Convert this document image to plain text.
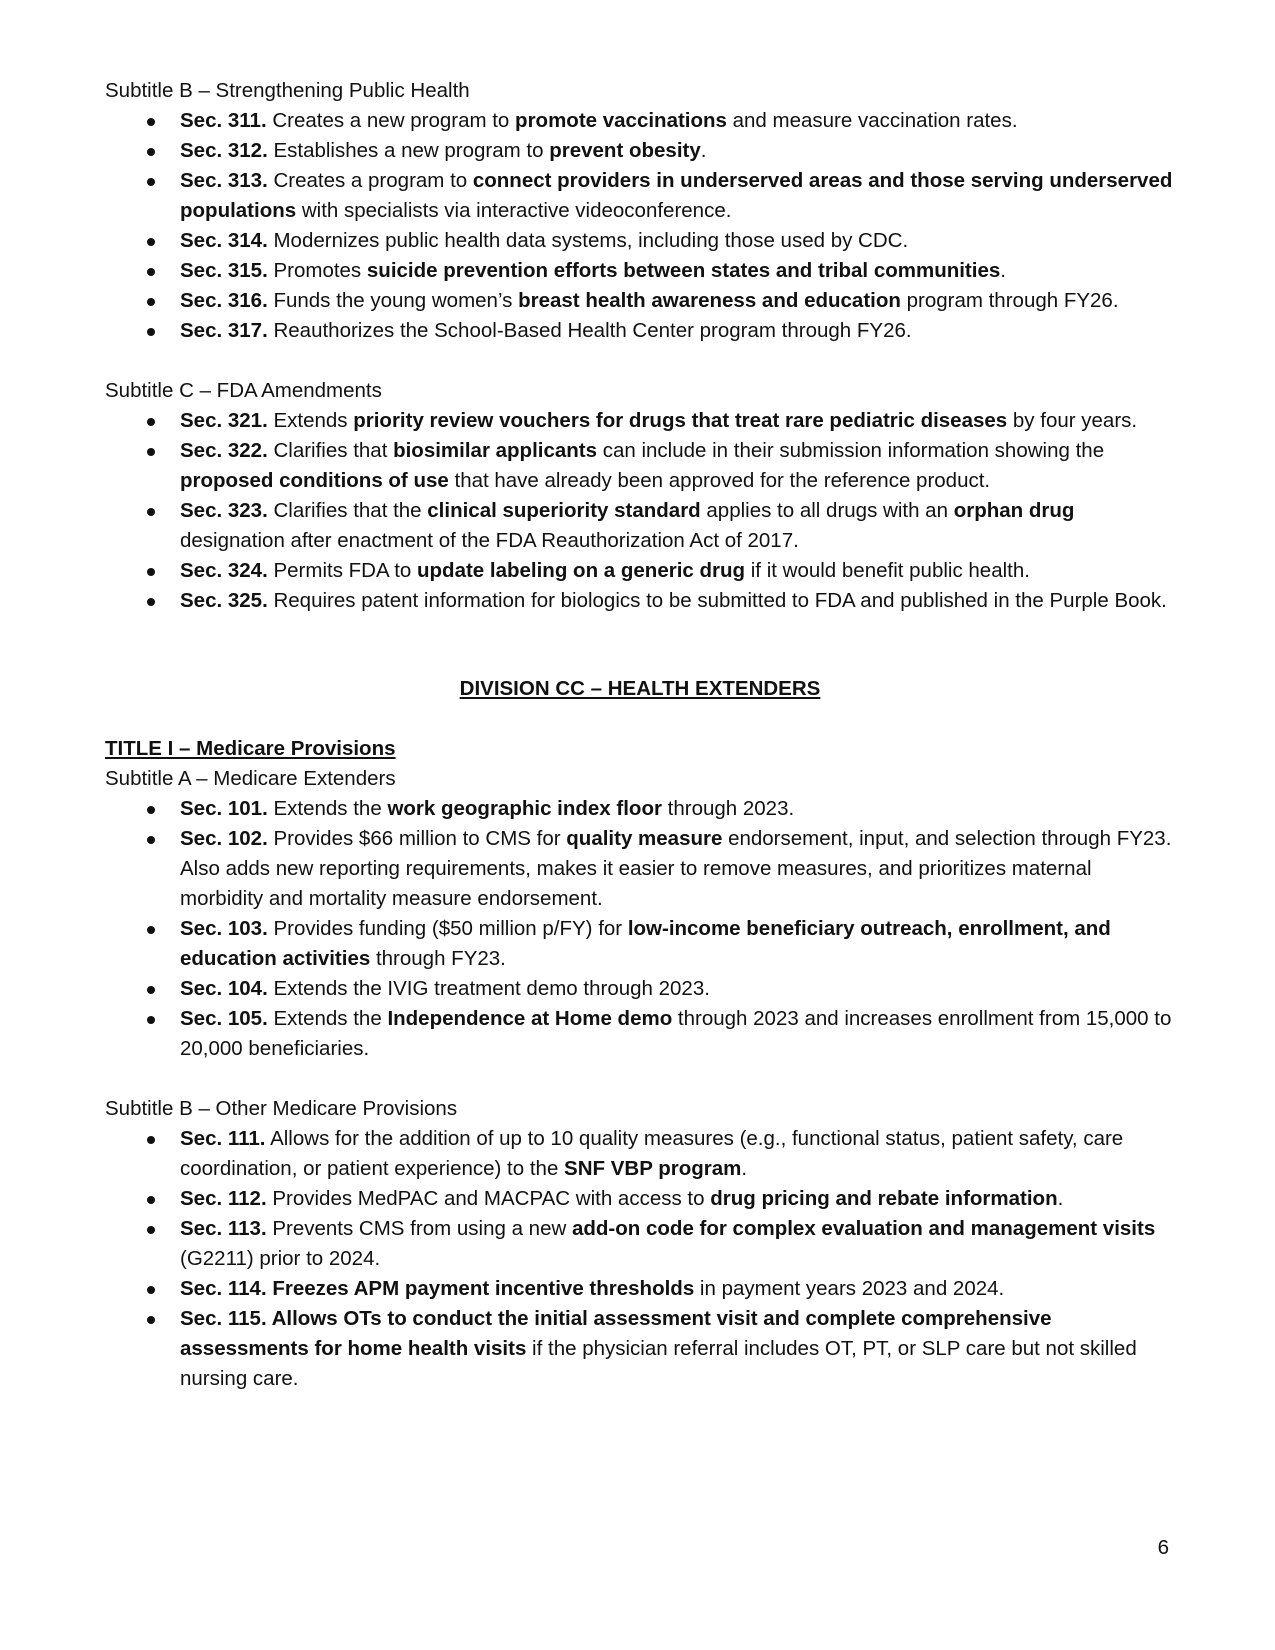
Subtitle B – Strengthening Public Health

Sec. 311. Creates a new program to promote vaccinations and measure vaccination rates.
Sec. 312. Establishes a new program to prevent obesity.
Sec. 313. Creates a program to connect providers in underserved areas and those serving underserved populations with specialists via interactive videoconference.
Sec. 314. Modernizes public health data systems, including those used by CDC.
Sec. 315. Promotes suicide prevention efforts between states and tribal communities.
Sec. 316. Funds the young women’s breast health awareness and education program through FY26.
Sec. 317. Reauthorizes the School-Based Health Center program through FY26.

Subtitle C – FDA Amendments

Sec. 321. Extends priority review vouchers for drugs that treat rare pediatric diseases by four years.
Sec. 322. Clarifies that biosimilar applicants can include in their submission information showing the proposed conditions of use that have already been approved for the reference product.
Sec. 323. Clarifies that the clinical superiority standard applies to all drugs with an orphan drug designation after enactment of the FDA Reauthorization Act of 2017.
Sec. 324. Permits FDA to update labeling on a generic drug if it would benefit public health.
Sec. 325. Requires patent information for biologics to be submitted to FDA and published in the Purple Book.

DIVISION CC – HEALTH EXTENDERS

TITLE I – Medicare Provisions

Subtitle A – Medicare Extenders

Sec. 101. Extends the work geographic index floor through 2023.
Sec. 102. Provides $66 million to CMS for quality measure endorsement, input, and selection through FY23. Also adds new reporting requirements, makes it easier to remove measures, and prioritizes maternal morbidity and mortality measure endorsement.
Sec. 103. Provides funding ($50 million p/FY) for low-income beneficiary outreach, enrollment, and education activities through FY23.
Sec. 104. Extends the IVIG treatment demo through 2023.
Sec. 105. Extends the Independence at Home demo through 2023 and increases enrollment from 15,000 to 20,000 beneficiaries.

Subtitle B – Other Medicare Provisions

Sec. 111. Allows for the addition of up to 10 quality measures (e.g., functional status, patient safety, care coordination, or patient experience) to the SNF VBP program.
Sec. 112. Provides MedPAC and MACPAC with access to drug pricing and rebate information.
Sec. 113. Prevents CMS from using a new add-on code for complex evaluation and management visits (G2211) prior to 2024.
Sec. 114. Freezes APM payment incentive thresholds in payment years 2023 and 2024.
Sec. 115. Allows OTs to conduct the initial assessment visit and complete comprehensive assessments for home health visits if the physician referral includes OT, PT, or SLP care but not skilled nursing care.
6
